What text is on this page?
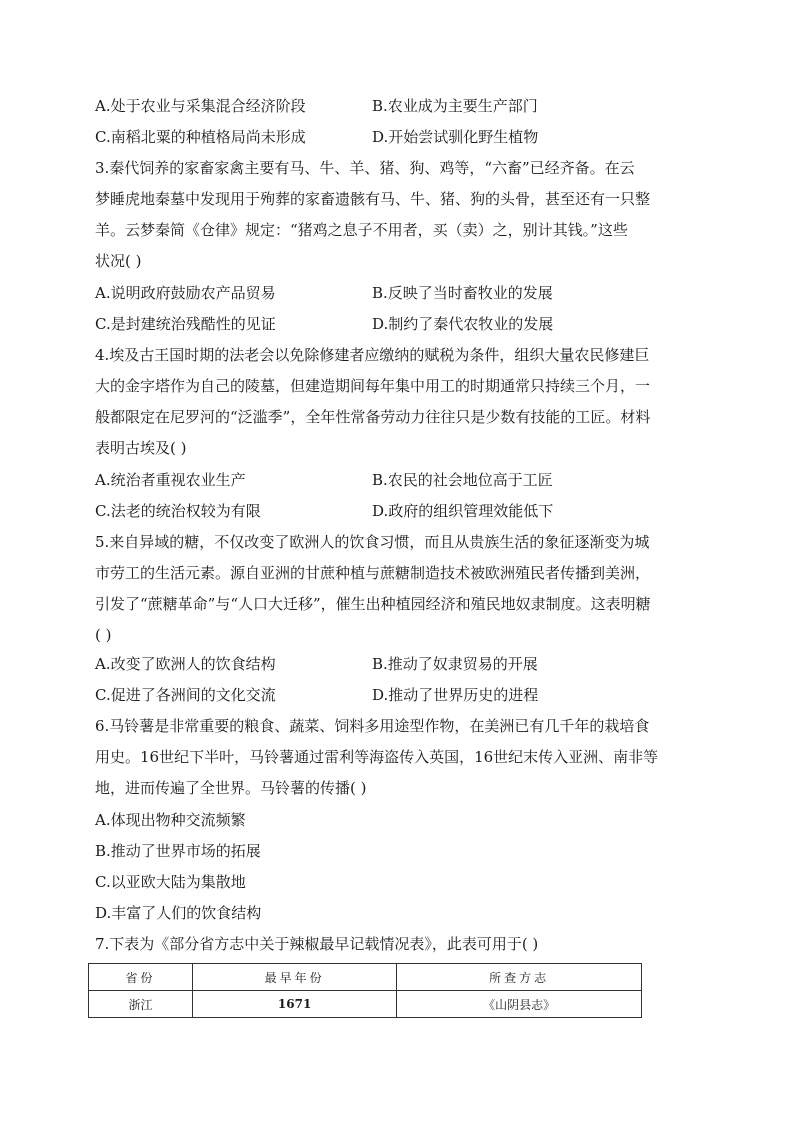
A.处于农业与采集混合经济阶段	B.农业成为主要生产部门
C.南稻北粟的种植格局尚未形成	D.开始尝试驯化野生植物
3.秦代饲养的家畜家禽主要有马、牛、羊、猪、狗、鸡等，“六畜”已经齐备。在云
梦睡虎地秦墓中发现用于殉葬的家畜遗骸有马、牛、猪、狗的头骨，甚至还有一只整
羊。云梦秦简《仓律》规定：“猪鸡之息子不用者，买（卖）之，别计其钱。”这些
状况( )
A.说明政府鼓励农产品贸易	B.反映了当时畜牧业的发展
C.是封建统治残酷性的见证	D.制约了秦代农牧业的发展
4.埃及古王国时期的法老会以免除修建者应缴纳的赋税为条件，组织大量农民修建巨
大的金字塔作为自己的陵墓，但建造期间每年集中用工的时期通常只持续三个月，一
般都限定在尼罗河的“泛滥季”，全年性常备劳动力往往只是少数有技能的工匠。材料
表明古埃及( )
A.统治者重视农业生产	B.农民的社会地位高于工匠
C.法老的统治权较为有限	D.政府的组织管理效能低下
5.来自异域的糖，不仅改变了欧洲人的饮食习惯，而且从贵族生活的象征逐渐变为城
市劳工的生活元素。源自亚洲的甘蔗种植与蔗糖制造技术被欧洲殖民者传播到美洲，
引发了“蔗糖革命”与“人口大迁移”，催生出种植园经济和殖民地奴隶制度。这表明糖
( )
A.改变了欧洲人的饮食结构	B.推动了奴隶贸易的开展
C.促进了各洲间的文化交流	D.推动了世界历史的进程
6.马铃薯是非常重要的粮食、蔬菜、饲料多用途型作物，在美洲已有几千年的栽培食
用史。16世纪下半叶，马铃薯通过雷利等海盗传入英国，16世纪末传入亚洲、南非等
地，进而传遍了全世界。马铃薯的传播( )
A.体现出物种交流频繁
B.推动了世界市场的拓展
C.以亚欧大陆为集散地
D.丰富了人们的饮食结构
7.下表为《部分省方志中关于辣椒最早记载情况表》，此表可用于( )
省份	最早年份	所查方志
浙江	1671	《山阴县志》
